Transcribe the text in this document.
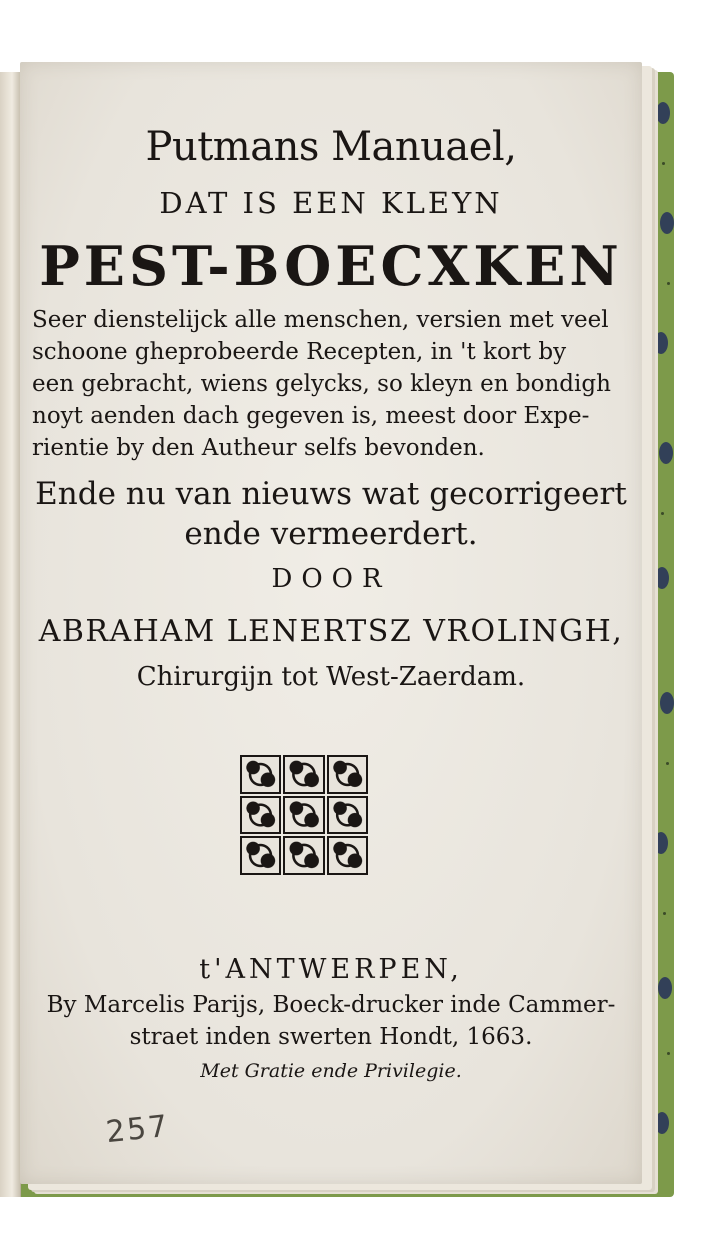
Putmans Manuael,
DAT IS EEN KLEYN
PEST-BOECXKEN
Seer dienstelijck alle menschen, versien met veel
schoone gheprobeerde Recepten, in 't kort by
een gebracht, wiens gelycks, so kleyn en bondigh
noyt aenden dach gegeven is, meest door Expe-
rientie by den Autheur selfs bevonden.
Ende nu van nieuws wat gecorrigeert
ende vermeerdert.
DOOR
ABRAHAM LENERTSZ VROLINGH,
Chirurgijn tot West-Zaerdam.
t'ANTWERPEN,
By Marcelis Parijs, Boeck-drucker inde Cammer-
straet inden swerten Hondt, 1663.
Met Gratie ende Privilegie.
257
